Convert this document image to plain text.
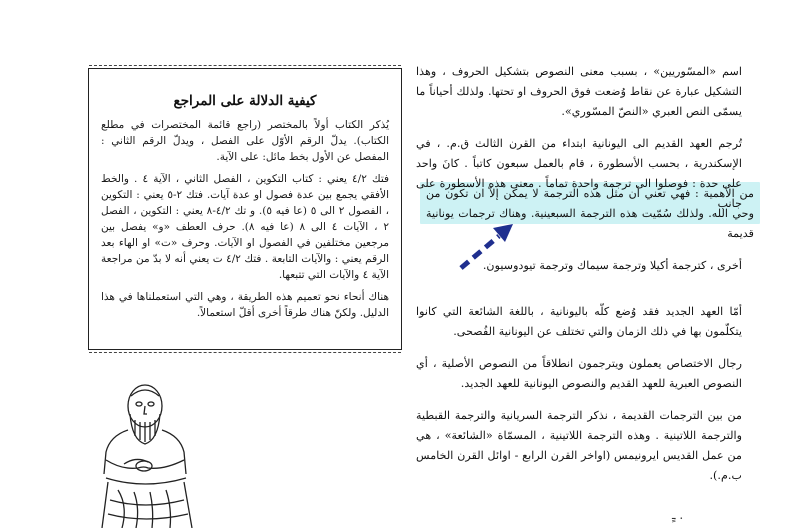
كيفية الدلالة على المراجع

يُذكر الكتاب أولاً بالمختصر (راجع قائمة المختصرات في مطلع الكتاب). يدلّ الرقم الأوّل على الفصل ، ويدلّ الرقم الثاني : المفصل عن الأول بخط مائل: على الآية.

فتك ٤/٢ يعني : كتاب التكوين ، الفصل الثاني ، الآية ٤ . والخط الأفقي يجمع بين عدة فصول او عدة آيات. فتك ٢-٥ يعني : التكوين ، الفصول ٢ الى ٥ (عا فيه ٥). و تك ٤/٢-٨ يعني : التكوين ، الفصل ٢ ، الآيات ٤ الى ٨ (عا فيه ٨). حرف العطف «و» يفصل بين مرجعين مختلفين في الفصول او الآيات. وحرف «ت» او الهاء بعد الرقم يعني : والآيات التابعة . فتك ٤/٢ ت يعني أنه لا بدّ من مراجعة الآية ٤ والآيات التي تتبعها.

هناك أنحاء نحو تعميم هذه الطريقة ، وهي التي استعملناها في هذا الدليل. ولكنّ هناك طرقاً أخرى أقلّ استعمالاً.

اسم «المسّوريين» ، بسبب معنى النصوص بتشكيل الحروف ، وهذا التشكيل عبارة عن نقاط وُضعت فوق الحروف او تحتها. ولذلك أحياناً ما يسمّى النص العبري «النصّ المسّوري».

تُرجم العهد القديم الى اليونانية ابتداء من القرن الثالث ق.م. ، في الإسكندرية ، بحسب الأسطورة ، قام بالعمل سبعون كاتباً . كانَ واحد على حدة : فوصلوا الى ترجمة واحدة تماماً . معنى هذه الأسطورة على جانب

أخرى ، كترجمة أكيلا وترجمة سيماك وترجمة تيودوسيون.

أمّا العهد الجديد فقد وُضع كلّه باليونانية ، باللغة الشائعة التي كانوا يتكلّمون بها في ذلك الزمان والتي تختلف عن اليونانية الفُصحى.

رجال الاختصاص يعملون ويترجمون انطلاقاً من النصوص الأصلية ، أي النصوص العبرية للعهد القديم والنصوص اليونانية للعهد الجديد.

من بين الترجمات القديمة ، نذكر الترجمة السريانية والترجمة القبطية والترجمة اللاتينية . وهذه الترجمة اللاتينية ، المسمّاة «الشائعة» ، هي من عمل القديس ايرونيمس (اواخر القرن الرابع - اوائل القرن الخامس ب.م.).

من الأهمية : فهي تعني أن مثل هذه الترجمة لا يمكن إلاّ ان تكون من وحي الله. ولذلك سُمّيت هذه الترجمة السبعينية. وهناك ترجمات يونانية قديمة
ـٍ .
